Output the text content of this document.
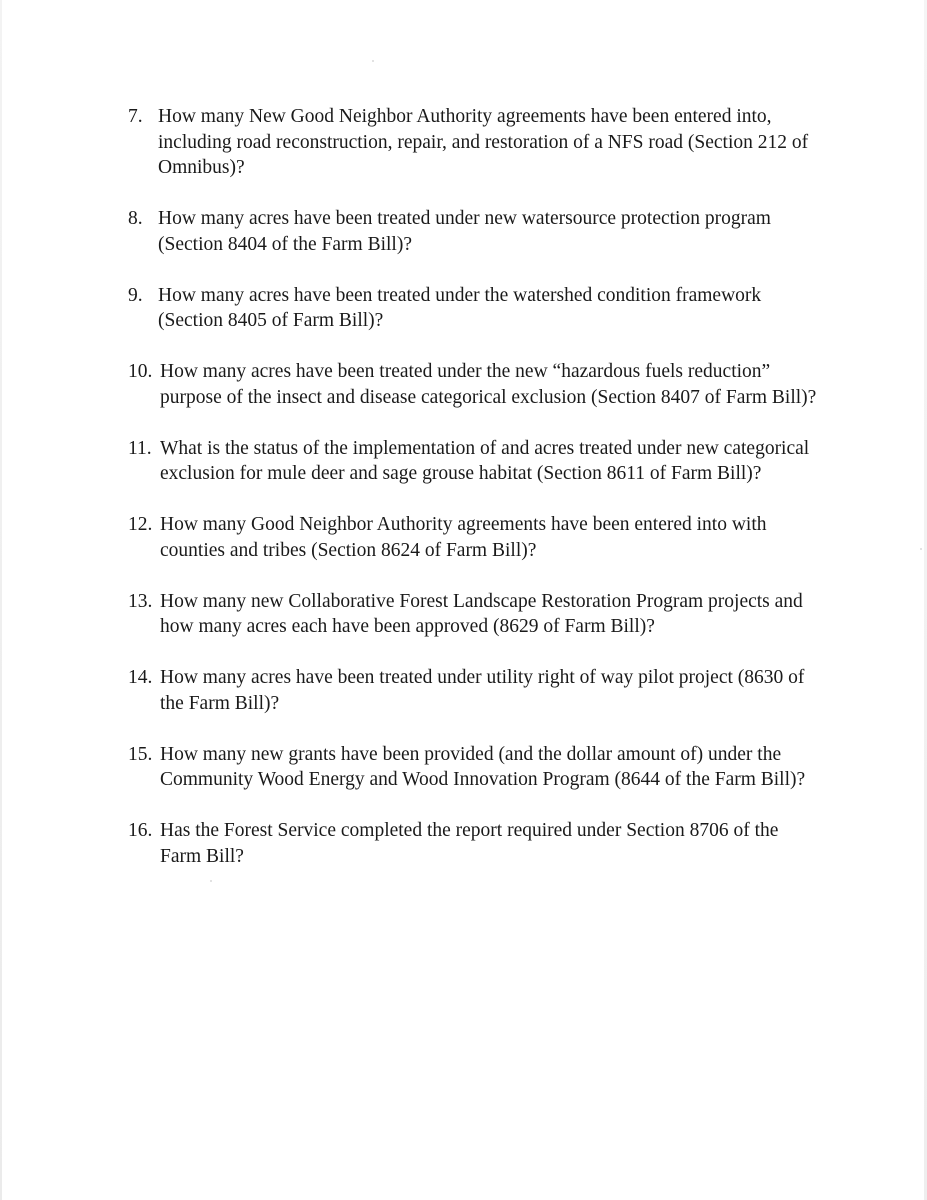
7. How many New Good Neighbor Authority agreements have been entered into, including road reconstruction, repair, and restoration of a NFS road (Section 212 of Omnibus)?
8. How many acres have been treated under new watersource protection program (Section 8404 of the Farm Bill)?
9. How many acres have been treated under the watershed condition framework (Section 8405 of Farm Bill)?
10. How many acres have been treated under the new “hazardous fuels reduction” purpose of the insect and disease categorical exclusion (Section 8407 of Farm Bill)?
11. What is the status of the implementation of and acres treated under new categorical exclusion for mule deer and sage grouse habitat (Section 8611 of Farm Bill)?
12. How many Good Neighbor Authority agreements have been entered into with counties and tribes (Section 8624 of Farm Bill)?
13. How many new Collaborative Forest Landscape Restoration Program projects and how many acres each have been approved (8629 of Farm Bill)?
14. How many acres have been treated under utility right of way pilot project (8630 of the Farm Bill)?
15. How many new grants have been provided (and the dollar amount of) under the Community Wood Energy and Wood Innovation Program (8644 of the Farm Bill)?
16. Has the Forest Service completed the report required under Section 8706 of the Farm Bill?
